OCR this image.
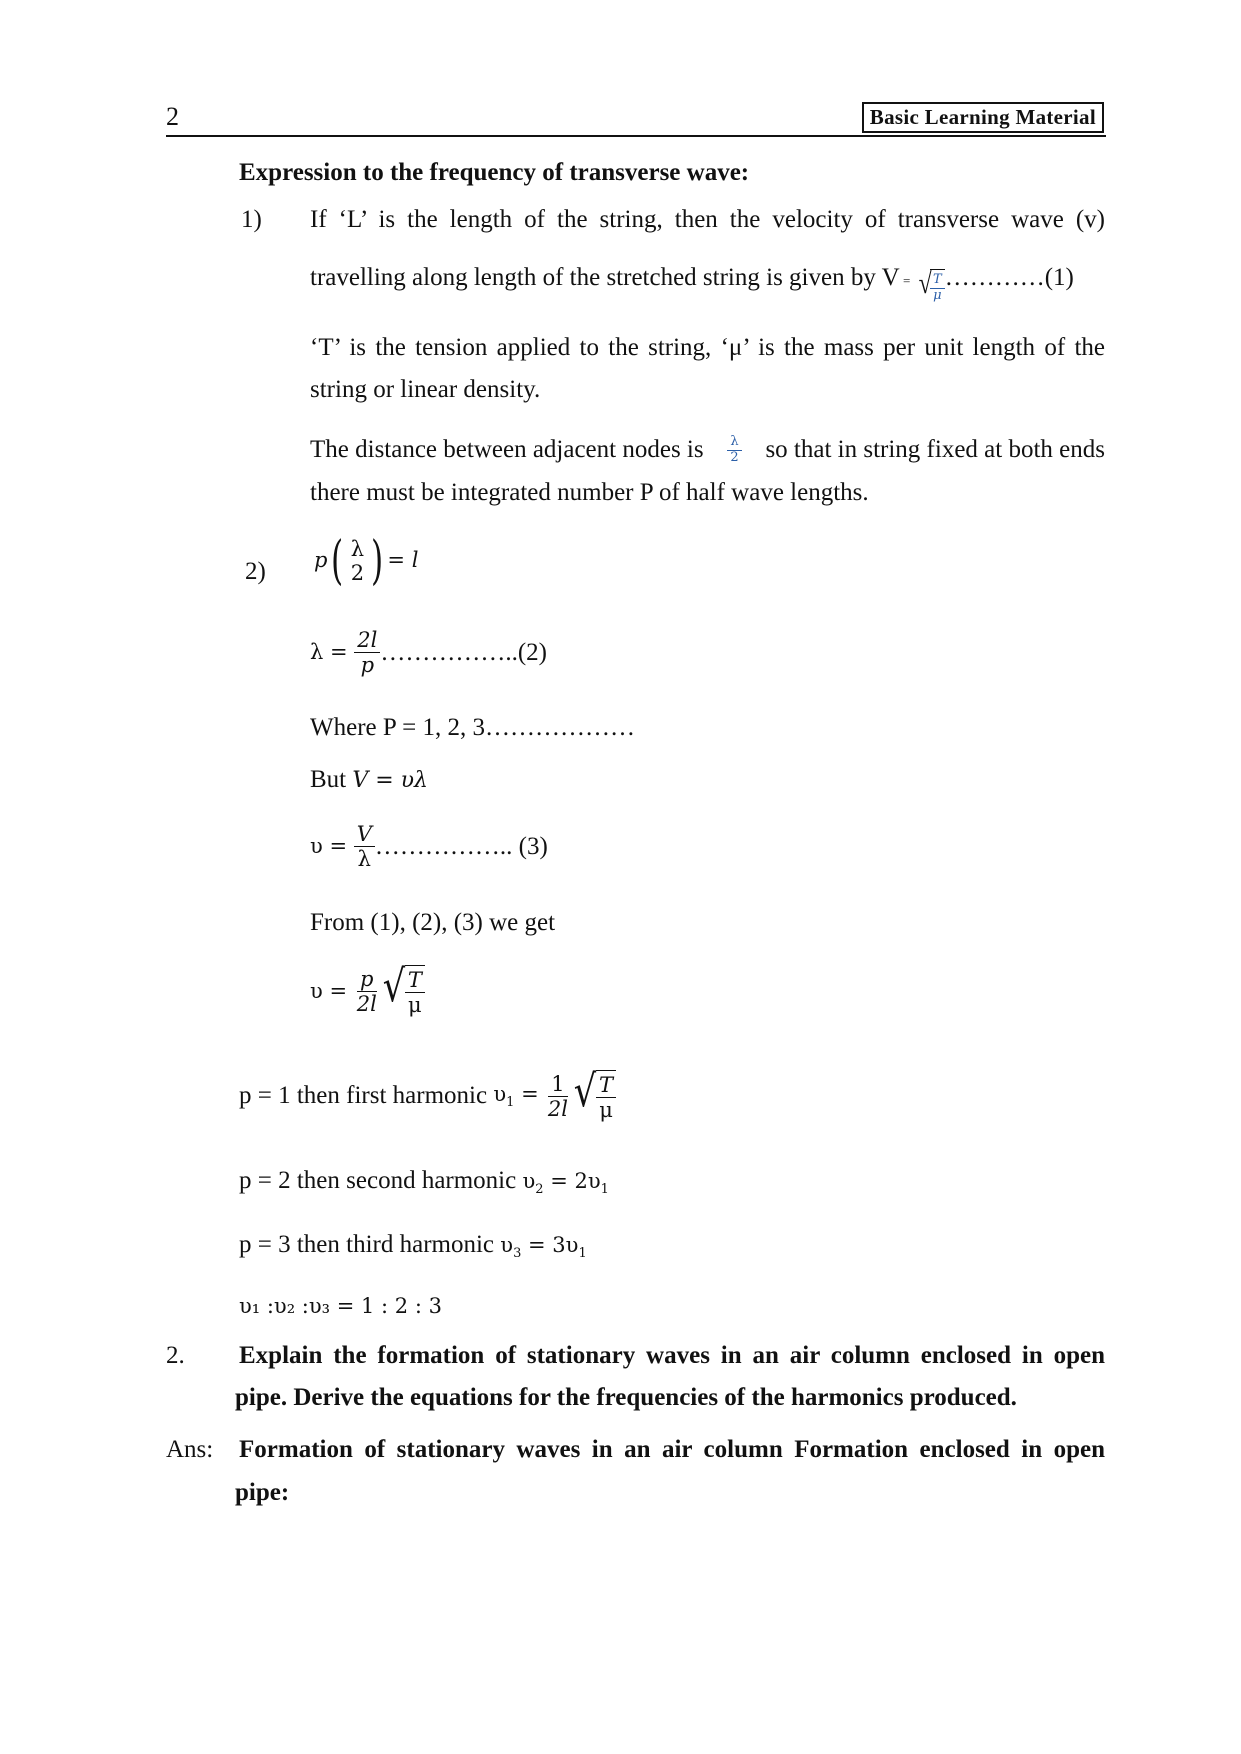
2	Basic Learning Material
Expression to the frequency of transverse wave:
1) If ‘L’ is the length of the string, then the velocity of transverse wave (v)
travelling along length of the stretched string is given by V = √
$\frac{T}{\mu}$ …………(1)
‘T’ is the tension applied to the string, ‘μ’ is the mass per unit length of the
string or linear density.
The distance between adjacent nodes is $\frac{\lambda}{2}$ so that in string fixed at both ends
there must be integrated number P of half wave lengths.
2) p ( λ
2 ) = l
λ =
$\frac{2l}{p}$ ……………..(2)
Where P = 1, 2, 3………………
But V = υλ
υ =
$\frac{V}{\lambda}$ …………….. (3)
From (1), (2), (3) we get
υ =
$\frac{p}{2l}$ √ $\frac{T}{\mu}$
p = 1 then first harmonic
$\upsilon_1$ =
$\frac{1}{2l}$ √ $\frac{T}{\mu}$
p = 2 then second harmonic $\upsilon_2 = 2\upsilon_1$
p = 3 then third harmonic $\upsilon_3 = 3\upsilon_1$
υ₁ :υ₂ :υ₃ = 1 : 2 : 3
2. Explain the formation of stationary waves in an air column enclosed in open
pipe. Derive the equations for the frequencies of the harmonics produced.
Ans: Formation of stationary waves in an air column Formation enclosed in open
pipe:
